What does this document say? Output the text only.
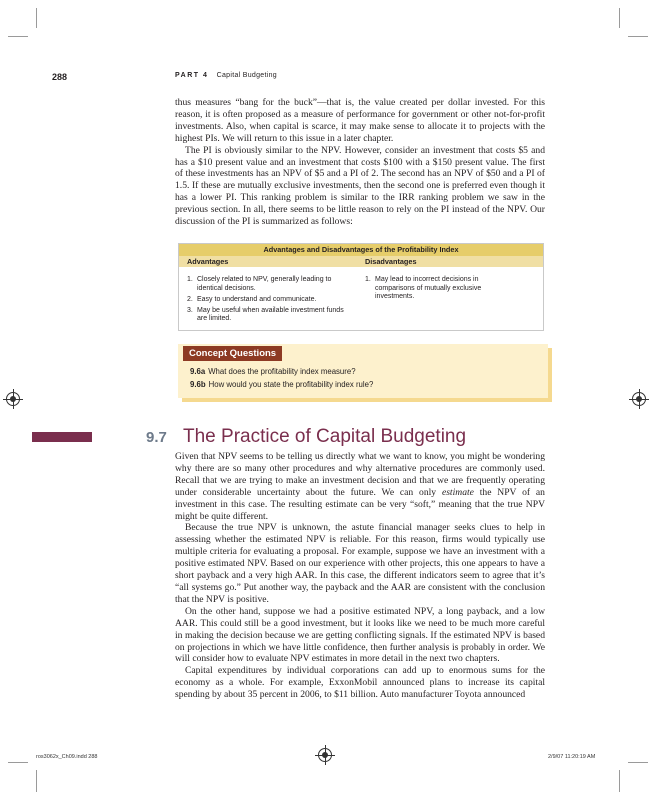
288	PART 4 Capital Budgeting

thus measures “bang for the buck”—that is, the value created per dollar invested. For this reason, it is often proposed as a measure of performance for government or other not-for-profit investments. Also, when capital is scarce, it may make sense to allocate it to projects with the highest PIs. We will return to this issue in a later chapter.

The PI is obviously similar to the NPV. However, consider an investment that costs $5 and has a $10 present value and an investment that costs $100 with a $150 present value. The first of these investments has an NPV of $5 and a PI of 2. The second has an NPV of $50 and a PI of 1.5. If these are mutually exclusive investments, then the second one is preferred even though it has a lower PI. This ranking problem is similar to the IRR ranking problem we saw in the previous section. In all, there seems to be little reason to rely on the PI instead of the NPV. Our discussion of the PI is summarized as follows:

Advantages and Disadvantages of the Profitability Index
Advantages	Disadvantages
1. Closely related to NPV, generally leading to identical decisions.
2. Easy to understand and communicate.
3. May be useful when available investment funds are limited.
1. May lead to incorrect decisions in comparisons of mutually exclusive investments.
Concept Questions
9.6a What does the profitability index measure?
9.6b How would you state the profitability index rule?
9.7 The Practice of Capital Budgeting

Given that NPV seems to be telling us directly what we want to know, you might be wondering why there are so many other procedures and why alternative procedures are commonly used. Recall that we are trying to make an investment decision and that we are frequently operating under considerable uncertainty about the future. We can only estimate the NPV of an investment in this case. The resulting estimate can be very “soft,” meaning that the true NPV might be quite different.

Because the true NPV is unknown, the astute financial manager seeks clues to help in assessing whether the estimated NPV is reliable. For this reason, firms would typically use multiple criteria for evaluating a proposal. For example, suppose we have an investment with a positive estimated NPV. Based on our experience with other projects, this one appears to have a short payback and a very high AAR. In this case, the different indicators seem to agree that it’s “all systems go.” Put another way, the payback and the AAR are consistent with the conclusion that the NPV is positive.

On the other hand, suppose we had a positive estimated NPV, a long payback, and a low AAR. This could still be a good investment, but it looks like we need to be much more careful in making the decision because we are getting conflicting signals. If the estimated NPV is based on projections in which we have little confidence, then further analysis is probably in order. We will consider how to evaluate NPV estimates in more detail in the next two chapters.

Capital expenditures by individual corporations can add up to enormous sums for the economy as a whole. For example, ExxonMobil announced plans to increase its capital spending by about 35 percent in 2006, to $11 billion. Auto manufacturer Toyota announced

ros3062x_Ch09.indd 288	2/9/07 11:20:19 AM
